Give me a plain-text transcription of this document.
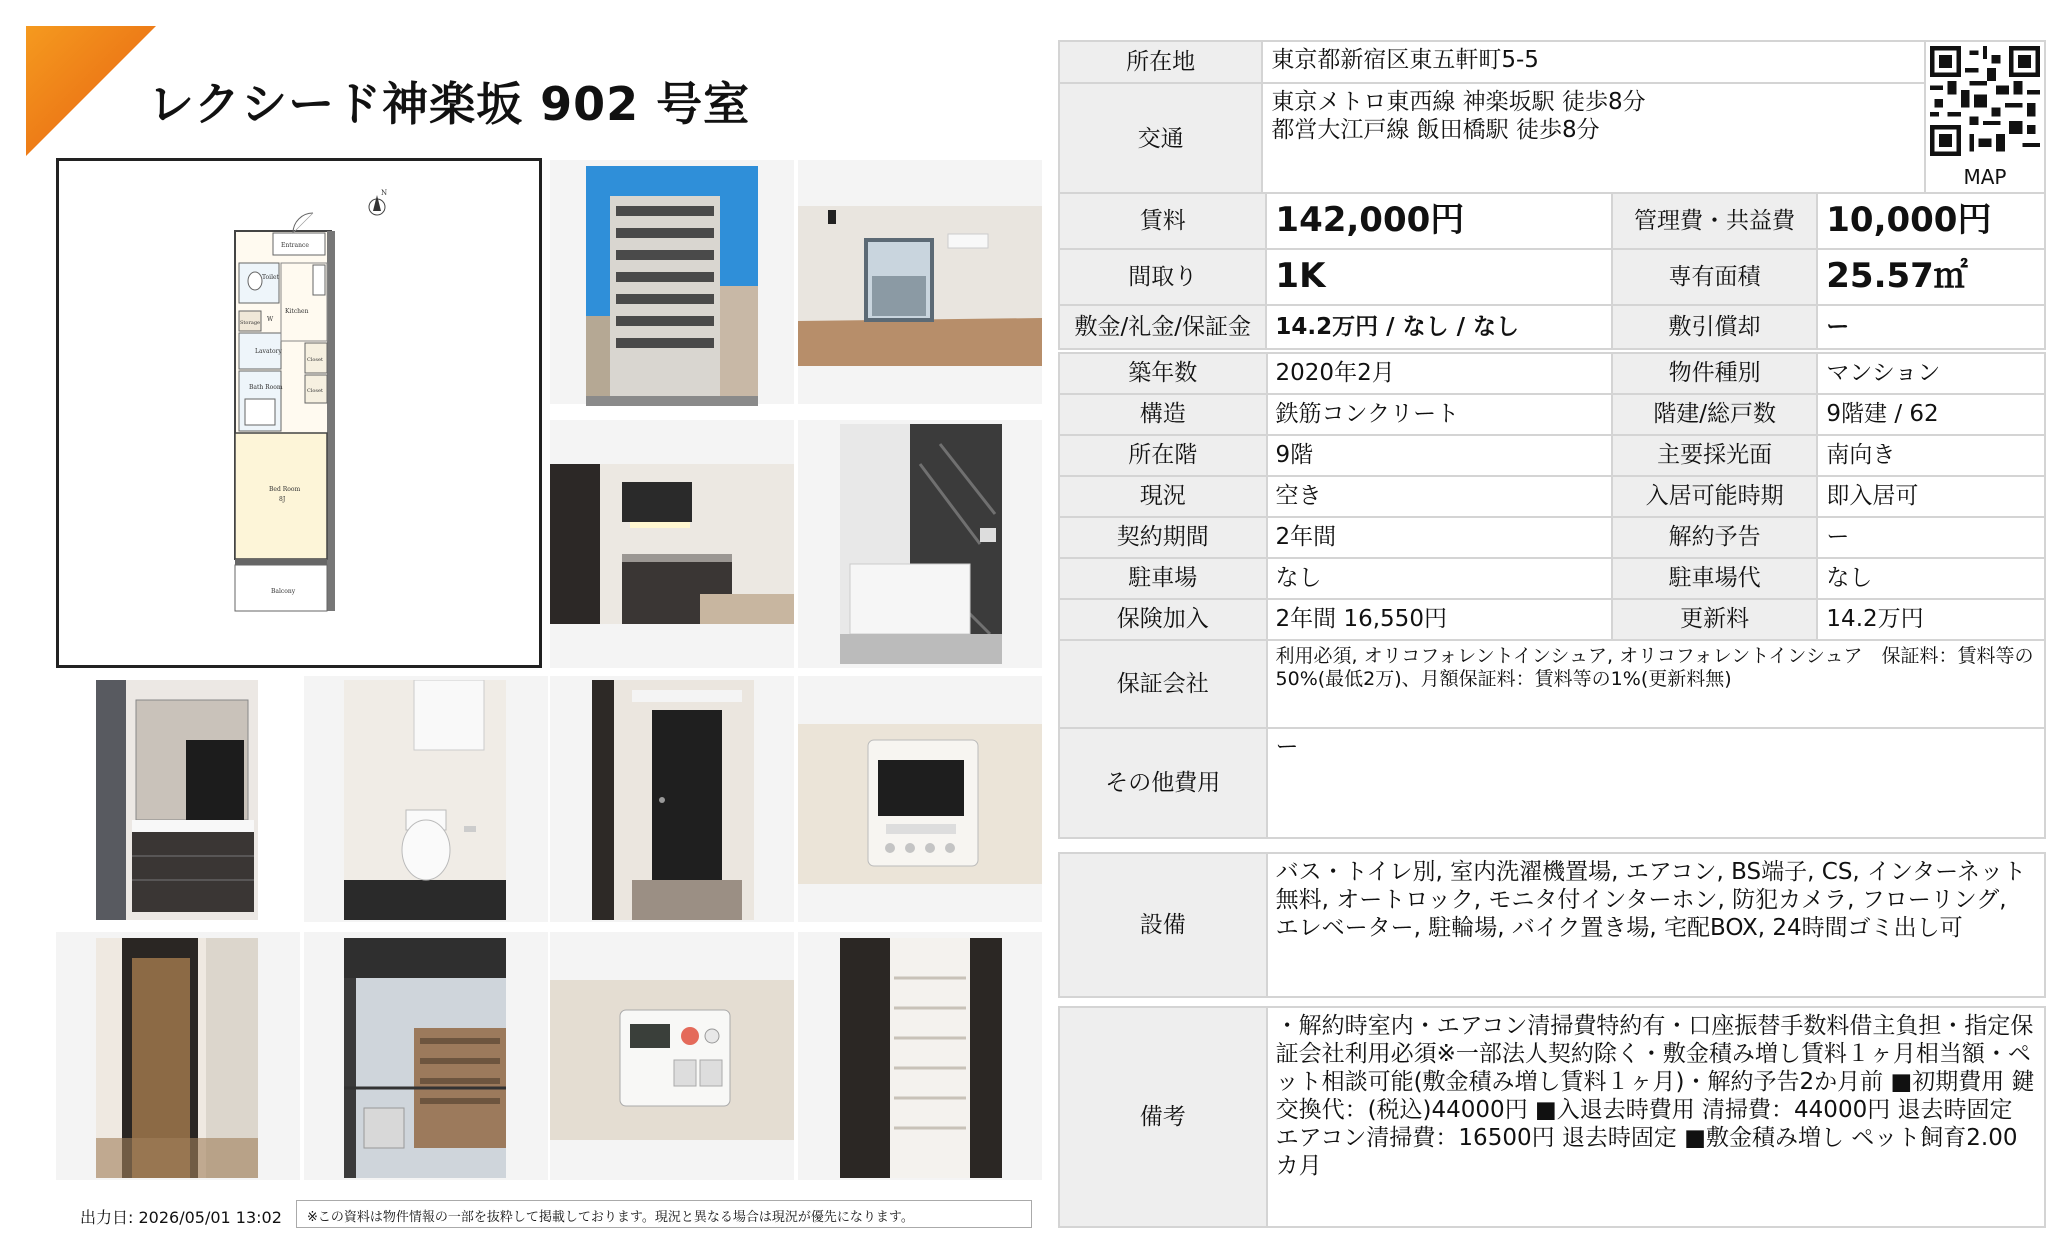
レクシード神楽坂 902 号室
Entrance
Toilet
Storage W
Lavatory
Bath Room
Kitchen
Closet
Closet
Bed Room
8J
Balcony
N
出力日: 2026/05/01 13:02	※この資料は物件情報の一部を抜粋して掲載しております。現況と異なる場合は現況が優先になります。
所在地	東京都新宿区東五軒町5-5	MAP

交通	東京メトロ東西線 神楽坂駅 徒歩8分
都営大江戸線 飯田橋駅 徒歩8分	
賃料	142,000円	管理費・共益費	10,000円
間取り	1K	専有面積	25.57㎡
敷金/礼金/保証金	14.2万円 / なし / なし	敷引償却	ー
築年数	2020年2月	物件種別	マンション
構造	鉄筋コンクリート	階建/総戸数	9階建 / 62
所在階	9階	主要採光面	南向き
現況	空き	入居可能時期	即入居可
契約期間	2年間	解約予告	ー
駐車場	なし	駐車場代	なし
保険加入	2年間 16,550円	更新料	14.2万円
保証会社	利用必須, オリコフォレントインシュア, オリコフォレントインシュア　保証料：賃料等の50%(最低2万)、月額保証料：賃料等の1%(更新料無)		
その他費用	ー		
設備	バス・トイレ別, 室内洗濯機置場, エアコン, BS端子, CS, インターネット無料, オートロック, モニタ付インターホン, 防犯カメラ, フローリング, エレベーター, 駐輪場, バイク置き場, 宅配BOX, 24時間ゴミ出し可
備考	・解約時室内・エアコン清掃費特約有・口座振替手数料借主負担・指定保証会社利用必須※一部法人契約除く・敷金積み増し賃料１ヶ月相当額・ペット相談可能(敷金積み増し賃料１ヶ月)・解約予告2か月前 ■初期費用 鍵交換代：(税込)44000円 ■入退去時費用 清掃費：44000円 退去時固定 エアコン清掃費：16500円 退去時固定 ■敷金積み増し ペット飼育2.00カ月
